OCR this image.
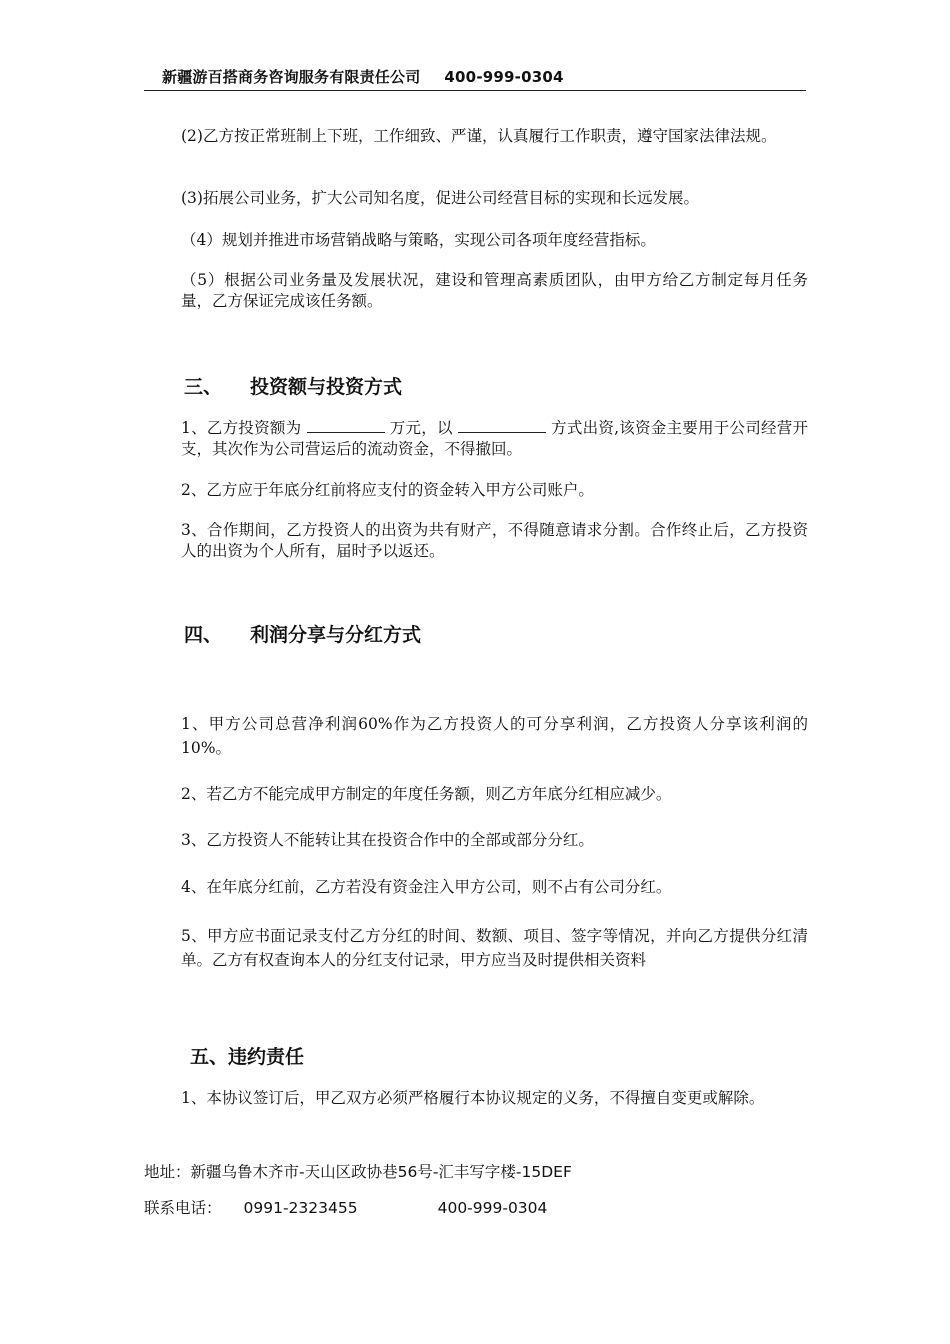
新疆游百搭商务咨询服务有限责任公司 400-999-0304

(2)乙方按正常班制上下班，工作细致、严谨，认真履行工作职责，遵守国家法律法规。

(3)拓展公司业务，扩大公司知名度，促进公司经营目标的实现和长远发展。

（4）规划并推进市场营销战略与策略，实现公司各项年度经营指标。

（5）根据公司业务量及发展状况，建设和管理高素质团队，由甲方给乙方制定每月任务量，乙方保证完成该任务额。

三、 投资额与投资方式

1、乙方投资额为	万元，以	方式出资,该资金主要用于公司经营开支，其次作为公司营运后的流动资金，不得撤回。

2、乙方应于年底分红前将应支付的资金转入甲方公司账户。

3、合作期间，乙方投资人的出资为共有财产，不得随意请求分割。合作终止后，乙方投资人的出资为个人所有，届时予以返还。

四、 利润分享与分红方式

1、甲方公司总营净利润60%作为乙方投资人的可分享利润，乙方投资人分享该利润的10%。

2、若乙方不能完成甲方制定的年度任务额，则乙方年底分红相应减少。

3、乙方投资人不能转让其在投资合作中的全部或部分分红。

4、在年底分红前，乙方若没有资金注入甲方公司，则不占有公司分红。

5、甲方应书面记录支付乙方分红的时间、数额、项目、签字等情况，并向乙方提供分红清单。乙方有权查询本人的分红支付记录，甲方应当及时提供相关资料

五、违约责任

1、本协议签订后，甲乙双方必须严格履行本协议规定的义务，不得擅自变更或解除。

地址：新疆乌鲁木齐市-天山区政协巷56号-汇丰写字楼-15DEF
联系电话： 0991-2323455	400-999-0304
